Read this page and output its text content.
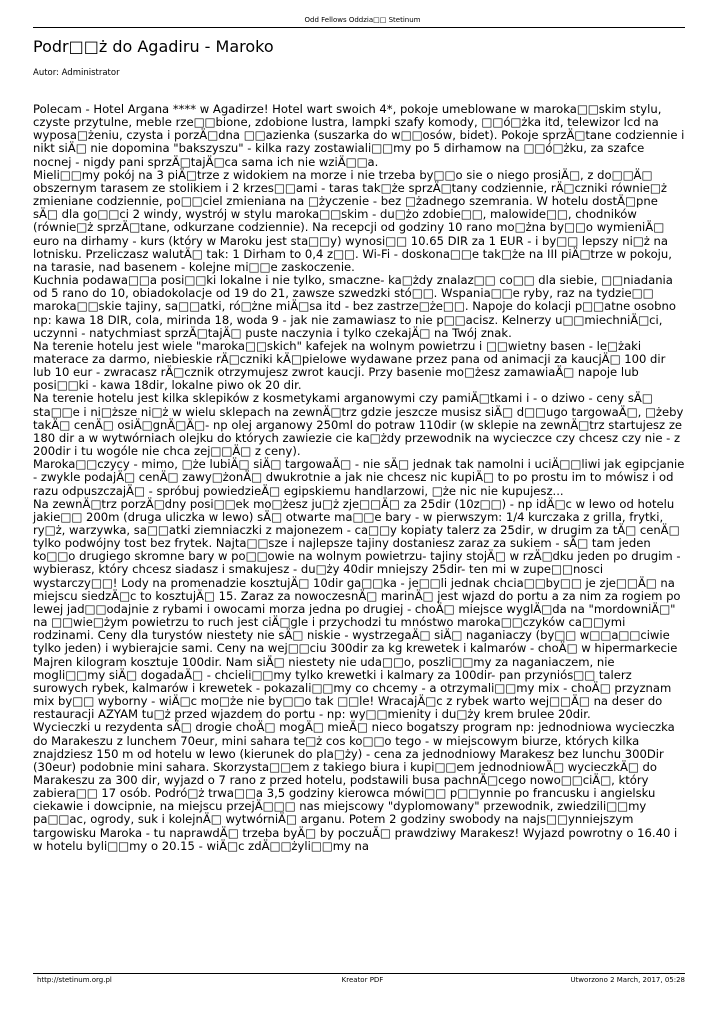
Odd Fellows Oddzia□□ Stetinum
Podr□□ż do Agadiru - Maroko
Autor: Administrator

Polecam - Hotel Argana **** w Agadirze! Hotel wart swoich 4*, pokoje umeblowane w maroka□□skim stylu, czyste przytulne, meble rze□□bione, zdobione lustra, lampki szafy komody, □□ó□żka itd, telewizor lcd na wyposa□żeniu, czysta i porzÄ□dna □□azienka (suszarka do w□□osów, bidet). Pokoje sprzÄ□tane codziennie i nikt siÄ□ nie dopomina "bakszyszu" - kilka razy zostawiali□□my po 5 dirhamow na □□ó□żku, za szafce nocnej - nigdy pani sprzÄ□tajÄ□ca sama ich nie wziÄ□□a.

Mieli□□my pokój na 3 piÄ□trze z widokiem na morze i nie trzeba by□□o sie o niego prosiÄ□, z do□□Ä□ obszernym tarasem ze stolikiem i 2 krzes□□ami - taras tak□że sprzÄ□tany codziennie, rÄ□czniki równie□ż zmieniane codziennie, po□□ciel zmieniana na □życzenie - bez □żadnego szemrania. W hotelu dostÄ□pne sÄ□ dla go□□ci 2 windy, wystrój w stylu maroka□□skim - du□żo zdobie□□, malowide□□, chodników (równie□ż sprzÄ□tane, odkurzane codziennie). Na recepcji od godziny 10 rano mo□żna by□□o wymieniÄ□ euro na dirhamy - kurs (który w Maroku jest sta□□y) wynosi□□ 10.65 DIR za 1 EUR - i by□□ lepszy ni□ż na lotnisku. Przeliczasz walutÄ□ tak: 1 Dirham to 0,4 z□□. Wi-Fi - doskona□□e tak□że na III piÄ□trze w pokoju, na tarasie, nad basenem - kolejne mi□□e zaskoczenie.

Kuchnia podawa□□a posi□□ki lokalne i nie tylko, smaczne- ka□żdy znalaz□□ co□□ dla siebie, □□niadania od 5 rano do 10, obiadokolacje od 19 do 21, zawsze szwedzki stó□□. Wspania□□e ryby, raz na tydzie□□ maroka□□skie tajiny, sa□□atki, ró□żne miÄ□sa itd - bez zastrze□że□□. Napoje do kolacji p□□atne osobno np: kawa 18 DIR, cola, mirinda 18, woda 9 - jak nie zamawiasz to nie p□□acisz. Kelnerzy u□□miechniÄ□ci, uczynni - natychmiast sprzÄ□tajÄ□ puste naczynia i tylko czekajÄ□ na Twój znak.

Na terenie hotelu jest wiele "maroka□□skich" kafejek na wolnym powietrzu i □□wietny basen - le□żaki materace za darmo, niebieskie rÄ□czniki kÄ□pielowe wydawane przez pana od animacji za kaucjÄ□ 100 dir lub 10 eur - zwracasz rÄ□cznik otrzymujesz zwrot kaucji. Przy basenie mo□żesz zamawiaÄ□ napoje lub posi□□ki - kawa 18dir, lokalne piwo ok 20 dir.

Na terenie hotelu jest kilka sklepików z kosmetykami arganowymi czy pamiÄ□tkami i - o dziwo - ceny sÄ□ sta□□e i ni□ższe ni□ż w wielu sklepach na zewnÄ□trz gdzie jeszcze musisz siÄ□ d□□ugo targowaÄ□, □żeby takÄ□ cenÄ□ osiÄ□gnÄ□Ä□- np olej arganowy 250ml do potraw 110dir (w sklepie na zewnÄ□trz startujesz ze 180 dir a w wytwórniach olejku do których zawiezie cie ka□żdy przewodnik na wycieczce czy chcesz czy nie - z 200dir i tu wogóle nie chca zej□□Ä□ z ceny).

Maroka□□czycy - mimo, □że lubiÄ□ siÄ□ targowaÄ□ - nie sÄ□ jednak tak namolni i uciÄ□□liwi jak egipcjanie - zwykle podajÄ□ cenÄ□ zawy□żonÄ□ dwukrotnie a jak nie chcesz nic kupiÄ□ to po prostu im to mówisz i od razu odpuszczajÄ□ - spróbuj powiedzieÄ□ egipskiemu handlarzowi, □że nic nie kupujesz...

Na zewnÄ□trz porzÄ□dny posi□□ek mo□żesz ju□ż zje□□Ä□ za 25dir (10z□□) - np idÄ□c w lewo od hotelu jakie□□ 200m (druga uliczka w lewo) sÄ□ otwarte ma□□e bary - w pierwszym: 1/4 kurczaka z grilla, frytki, ry□ż, warzywka, sa□□atki ziemniaczki z majonezem - ca□□y kopiaty talerz za 25dir, w drugim za tÄ□ cenÄ□ tylko podwójny tost bez frytek. Najta□□sze i najlepsze tajiny dostaniesz zaraz za sukiem - sÄ□ tam jeden ko□□o drugiego skromne bary w po□□owie na wolnym powietrzu- tajiny stojÄ□ w rzÄ□dku jeden po drugim - wybierasz, który chcesz siadasz i smakujesz - du□ży 40dir mniejszy 25dir- ten mi w zupe□□nosci wystarczy□□! Lody na promenadzie kosztujÄ□ 10dir ga□□ka - je□□li jednak chcia□□by□□ je zje□□Ä□ na miejscu siedzÄ□c to kosztujÄ□ 15. Zaraz za nowoczesnÄ□ marinÄ□ jest wjazd do portu a za nim za rogiem po lewej jad□□odajnie z rybami i owocami morza jedna po drugiej - choÄ□ miejsce wyglÄ□da na "mordowniÄ□" na □□wie□żym powietrzu to ruch jest ciÄ□gle i przychodzi tu mnóstwo maroka□□czyków ca□□ymi rodzinami. Ceny dla turystów niestety nie sÄ□ niskie - wystrzegaÄ□ siÄ□ naganiaczy (by□□ w□□a□□ciwie tylko jeden) i wybierajcie sami. Ceny na wej□□ciu 300dir za kg krewetek i kalmarów - choÄ□ w hipermarkecie Majren kilogram kosztuje 100dir. Nam siÄ□ niestety nie uda□□o, poszli□□my za naganiaczem, nie mogli□□my siÄ□ dogadaÄ□ - chcieli□□my tylko krewetki i kalmary za 100dir- pan przyniós□□ talerz surowych rybek, kalmarów i krewetek - pokazali□□my co chcemy - a otrzymali□□my mix - choÄ□ przyznam mix by□□ wyborny - wiÄ□c mo□że nie by□□o tak □□le! WracajÄ□c z rybek warto wej□□Ä□ na deser do restauracji AZYAM tu□ż przed wjazdem do portu - np: wy□□mienity i du□ży krem brulee 20dir.

Wycieczki u rezydenta sÄ□ drogie choÄ□ mogÄ□ mieÄ□ nieco bogatszy program np: jednodniowa wycieczka do Marakeszu z lunchem 70eur, mini sahara te□ż cos ko□□o tego - w miejscowym biurze, których kilka znajdziesz 150 m od hotelu w lewo (kierunek do pla□ży) - cena za jednodniowy Marakesz bez lunchu 300Dir (30eur) podobnie mini sahara. Skorzysta□□em z takiego biura i kupi□□em jednodniowÄ□ wycieczkÄ□ do Marakeszu za 300 dir, wyjazd o 7 rano z przed hotelu, podstawili busa pachnÄ□cego nowo□□ciÄ□, który zabiera□□ 17 osób. Podró□ż trwa□□a 3,5 godziny kierowca mówi□□ p□□ynnie po francusku i angielsku ciekawie i dowcipnie, na miejscu przejÄ□□□ nas miejscowy "dyplomowany" przewodnik, zwiedzili□□my pa□□ac, ogrody, suk i kolejnÄ□ wytwórniÄ□ arganu. Potem 2 godziny swobody na najs□□ynniejszym targowisku Maroka - tu naprawdÄ□ trzeba byÄ□ by poczuÄ□ prawdziwy Marakesz! Wyjazd powrotny o 16.40 i w hotelu byli□□my o 20.15 - wiÄ□c zdÄ□□żyli□□my na

http://stetinum.org.pl	Kreator PDF	Utworzono 2 March, 2017, 05:28
